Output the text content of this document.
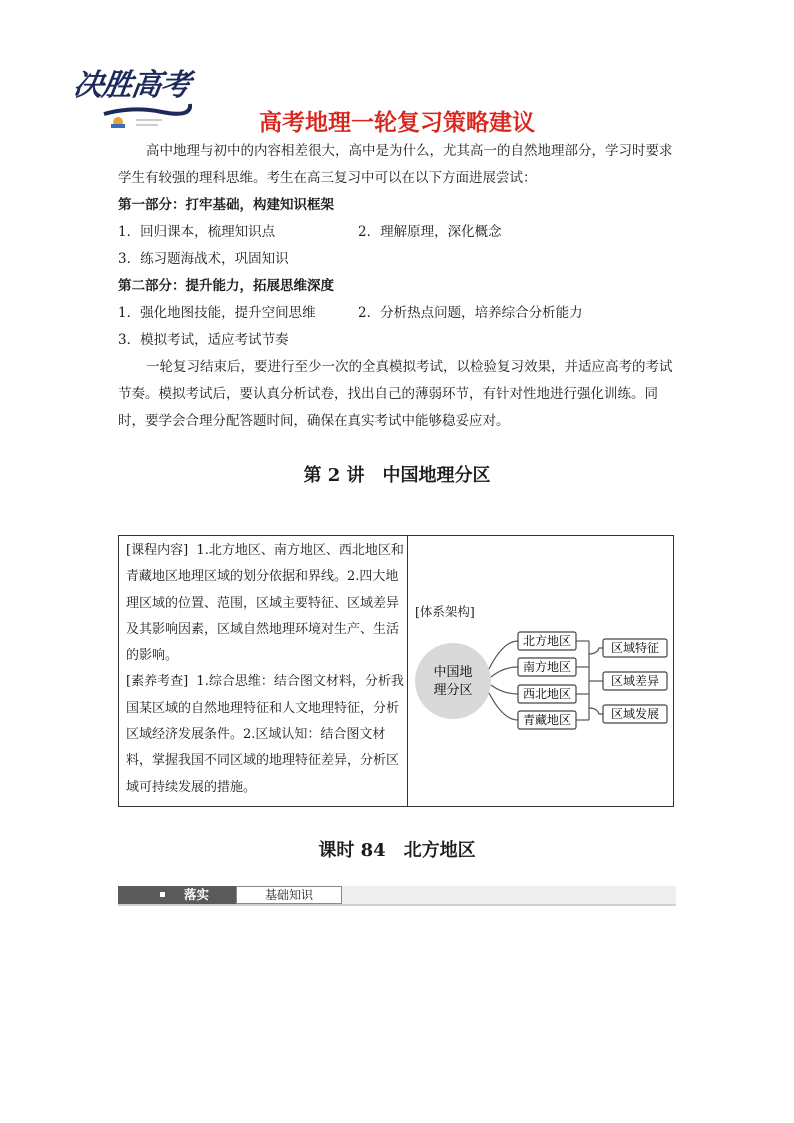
决胜高考
高考地理一轮复习策略建议
高中地理与初中的内容相差很大，高中是为什么，尤其高一的自然地理部分，学习时要求学生有较强的理科思维。考生在高三复习中可以在以下方面进展尝试：
第一部分：打牢基础，构建知识框架
1．回归课本，梳理知识点	2．理解原理，深化概念
3．练习题海战术，巩固知识
第二部分：提升能力，拓展思维深度
1．强化地图技能，提升空间思维	2．分析热点问题，培养综合分析能力
3．模拟考试，适应考试节奏
一轮复习结束后，要进行至少一次的全真模拟考试，以检验复习效果，并适应高考的考试节奏。模拟考试后，要认真分析试卷，找出自己的薄弱环节，有针对性地进行强化训练。同时，要学会合理分配答题时间，确保在真实考试中能够稳妥应对。
第 2 讲　中国地理分区
[课程内容] 1.北方地区、南方地区、西北地区和青藏地区地理区域的划分依据和界线。2.四大地理区域的位置、范围，区域主要特征、区域差异及其影响因素，区域自然地理环境对生产、生活的影响。
[素养考查] 1.综合思维：结合图文材料，分析我国某区域的自然地理特征和人文地理特征，分析区域经济发展条件。2.区域认知：结合图文材料，掌握我国不同区域的地理特征差异，分析区域可持续发展的措施。
[体系架构]
中国地
理分区
北方地区
南方地区
西北地区
青藏地区
区域特征
区域差异
区域发展
课时 84　北方地区
落实	基础知识
